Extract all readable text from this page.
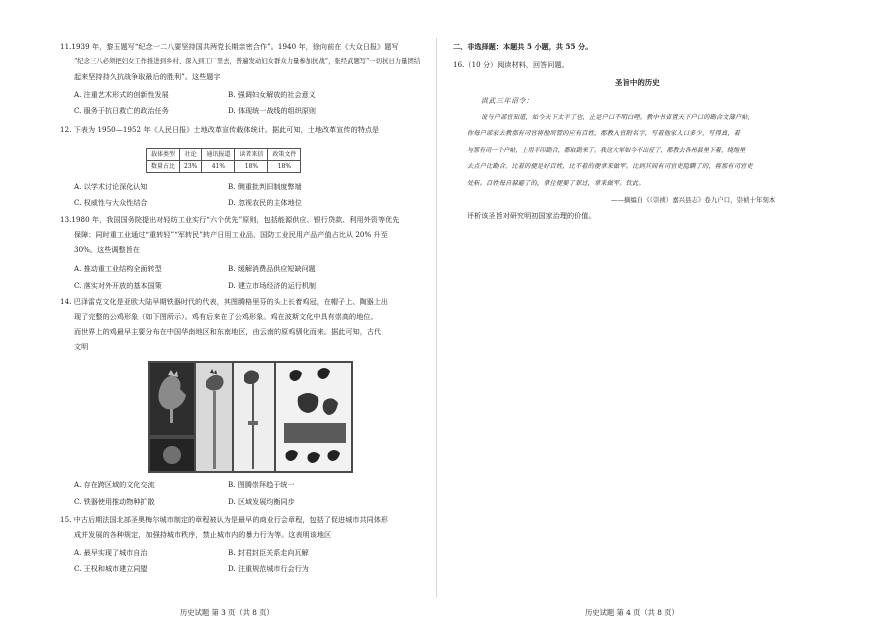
11.1939 年，黎玉题写“纪念一二八要坚持国共两党长期亲密合作”。1940 年，徐向前在《大众日报》题写
“纪念三八必须把妇女工作推进到乡村、深入到工厂里去，普遍发动妇女群众力量参加抗战”，张经武题写“一切抗日力量团结
起来坚持持久抗战争取最后的胜利”。这些题字
A. 注重艺术形式的创新性发展	B. 强调妇女解放的社会意义
C. 服务于抗日救亡的政治任务	D. 体现统一战线的组织原则
12. 下表为 1950—1952 年《人民日报》土地改革宣传载体统计。据此可知，土地改革宣传的特点是
载体类型	社论	通讯报道	读者来信	政策文件
数量占比	23%	41%	18%	18%
A. 以学术讨论深化认知	B. 侧重批判旧制度弊端
C. 权威性与大众性结合	D. 忽视农民的主体地位
13.1980 年，我国国务院提出对轻纺工业实行“六个优先”原则，包括能源供应、银行贷款、利用外资等优先
保障；同时重工业通过“重转轻”“军转民”转产日用工业品，国防工业民用产品产值占比从 20% 升至
30%。这些调整旨在
A. 推动重工业结构全面转型	B. 缓解消费品供应短缺问题
C. 落实对外开放的基本国策	D. 建立市场经济的运行机制
14. 巴泽雷克文化是亚欧大陆早期铁器时代的代表，其图腾格里芬的头上长着鸡冠，在帽子上、陶器上出
现了完整的公鸡形象（如下图所示）。鸡有后来在了公鸡形象。鸡在波斯文化中具有崇高的地位。
而世界上的鸡最早主要分布在中国华南地区和东南地区，由云南的原鸡驯化而来。据此可知，古代
文明
A. 存在跨区域的文化交流	B. 图腾崇拜趋于统一
C. 铁器使用推动物种扩散	D. 区域发展均衡同步
15. 中古后期法国北部圣奥梅尔城市制定的章程被认为是最早的商业行会章程，包括了促进城市共同体形
成并发展的各种规定，加强持城市秩序，禁止城市内的暴力行为等。这表明该地区
A. 最早实现了城市自治	B. 封君封臣关系走向瓦解
C. 王权和城市建立同盟	D. 注重规范城市行会行为
历史试题 第 3 页（共 8 页）
二、非选择题：本题共 5 小题，共 55 分。
16.（10 分）阅读材料，回答问题。
圣旨中的历史
洪武三年诏令：
说与户部官知道，如今天下太平了也，止是户口不明白哩。教中书省置天下户口的勘合文簿户帖，
你每户部家去教那有司官将他所管的应有百姓，都教入官附名字，写着他家人口多少，写得真，着
与那有司一个户帖，上用半印勘合，都取勘来了。我这大军如今不出征了，都教去各州县里下着，绕地里
去点户比勘合。比着的便是好百姓，比不着的便拿来做军。比到其间有司官吏隐瞒了的，将那有司官吏
处斩。百姓每自躲避了的，拿住便要了罪过，拿来做军。钦此。
——摘编自《（崇祯）嘉兴县志》卷九户口，崇祯十年刻本
评析该圣旨对研究明初国家治理的价值。
历史试题 第 4 页（共 8 页）
